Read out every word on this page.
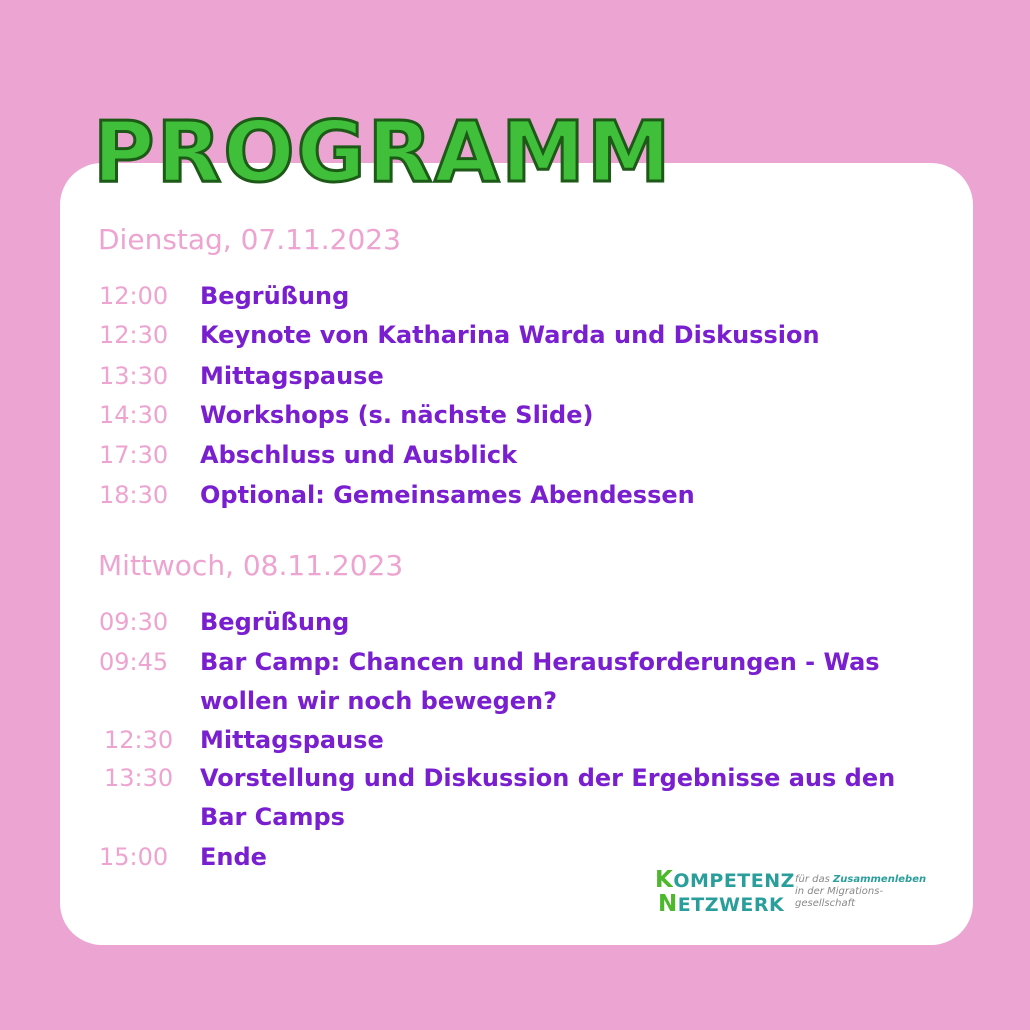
PROGRAMM
Dienstag, 07.11.2023
12:00	Begrüßung
12:30	Keynote von Katharina Warda und Diskussion
13:30	Mittagspause
14:30	Workshops (s. nächste Slide)
17:30	Abschluss und Ausblick
18:30	Optional: Gemeinsames Abendessen
Mittwoch, 08.11.2023
09:30	Begrüßung
09:45	Bar Camp: Chancen und Herausforderungen - Was wollen wir noch bewegen?
12:30	Mittagspause
13:30	Vorstellung und Diskussion der Ergebnisse aus den Bar Camps
15:00	Ende
KOMPETENZ
NETZWERK
für das Zusammenleben
in der Migrations-gesellschaft
